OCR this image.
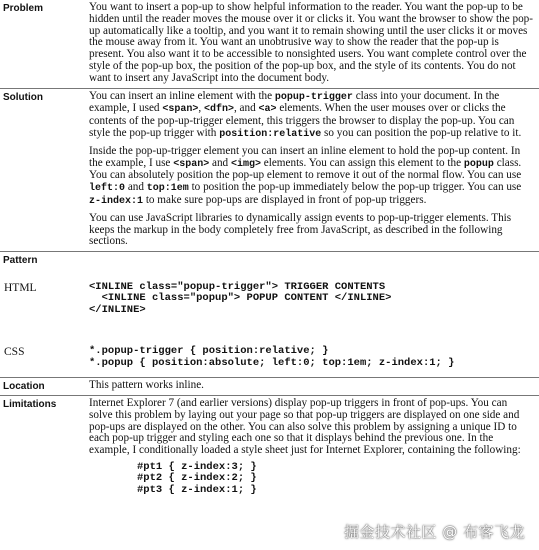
Problem	You want to insert a pop-up to show helpful information to the reader. You want the pop-up to be hidden until the reader moves the mouse over it or clicks it. You want the browser to show the pop-up automatically like a tooltip, and you want it to remain showing until the user clicks it or moves the mouse away from it. You want an unobtrusive way to show the reader that the pop-up is present. You also want it to be accessible to nonsighted users. You want complete control over the style of the pop-up box, the position of the pop-up box, and the style of its contents. You do not want to insert any JavaScript into the document body.

Solution	You can insert an inline element with the popup-trigger class into your document. In the example, I used <span>, <dfn>, and <a> elements. When the user mouses over or clicks the contents of the pop-up-trigger element, this triggers the browser to display the pop-up. You can style the pop-up trigger with position:relative so you can position the pop-up relative to it.

Inside the pop-up-trigger element you can insert an inline element to hold the pop-up content. In the example, I use <span> and <img> elements. You can assign this element to the popup class. You can absolutely position the pop-up element to remove it out of the normal flow. You can use left:0 and top:1em to position the pop-up immediately below the pop-up trigger. You can use z-index:1 to make sure pop-ups are displayed in front of pop-up triggers.

You can use JavaScript libraries to dynamically assign events to pop-up-trigger elements. This keeps the markup in the body completely free from JavaScript, as described in the following sections.

Pattern	
HTML	<INLINE class="popup-trigger"> TRIGGER CONTENTS
<INLINE class="popup"> POPUP CONTENT </INLINE>
</INLINE>
CSS	*.popup-trigger { position:relative; }
*.popup { position:absolute; left:0; top:1em; z-index:1; }
Location	This pattern works inline.
Limitations	Internet Explorer 7 (and earlier versions) display pop-up triggers in front of pop-ups. You can solve this problem by laying out your page so that pop-up triggers are displayed on one side and pop-ups are displayed on the other. You can also solve this problem by assigning a unique ID to each pop-up trigger and styling each one so that it displays behind the previous one. In the example, I conditionally loaded a style sheet just for Internet Explorer, containing the following:

#pt1 { z-index:3; }
#pt2 { z-index:2; }
#pt3 { z-index:1; }
掘金技术社区 @ 布客飞龙
